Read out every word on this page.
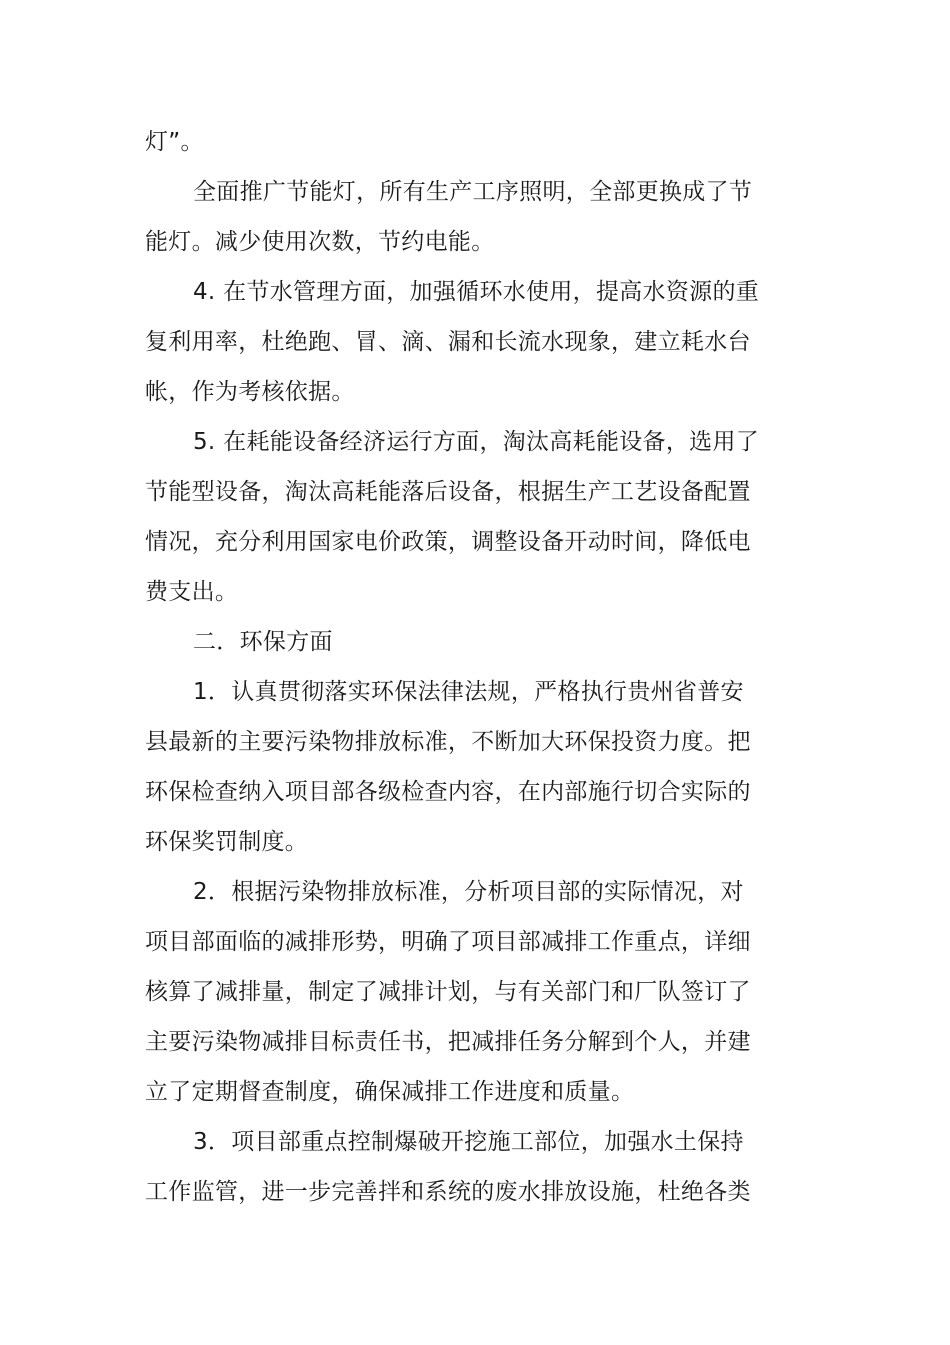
灯”。
全面推广节能灯，所有生产工序照明，全部更换成了节
能灯。减少使用次数，节约电能。
4. 在节水管理方面，加强循环水使用，提高水资源的重
复利用率，杜绝跑、冒、滴、漏和长流水现象，建立耗水台
帐，作为考核依据。
5. 在耗能设备经济运行方面，淘汰高耗能设备，选用了
节能型设备，淘汰高耗能落后设备，根据生产工艺设备配置
情况，充分利用国家电价政策，调整设备开动时间，降低电
费支出。
二．环保方面
1．认真贯彻落实环保法律法规，严格执行贵州省普安
县最新的主要污染物排放标准，不断加大环保投资力度。把
环保检查纳入项目部各级检查内容，在内部施行切合实际的
环保奖罚制度。
2．根据污染物排放标准，分析项目部的实际情况，对
项目部面临的减排形势，明确了项目部减排工作重点，详细
核算了减排量，制定了减排计划，与有关部门和厂队签订了
主要污染物减排目标责任书，把减排任务分解到个人，并建
立了定期督查制度，确保减排工作进度和质量。
3．项目部重点控制爆破开挖施工部位，加强水土保持
工作监管，进一步完善拌和系统的废水排放设施，杜绝各类
